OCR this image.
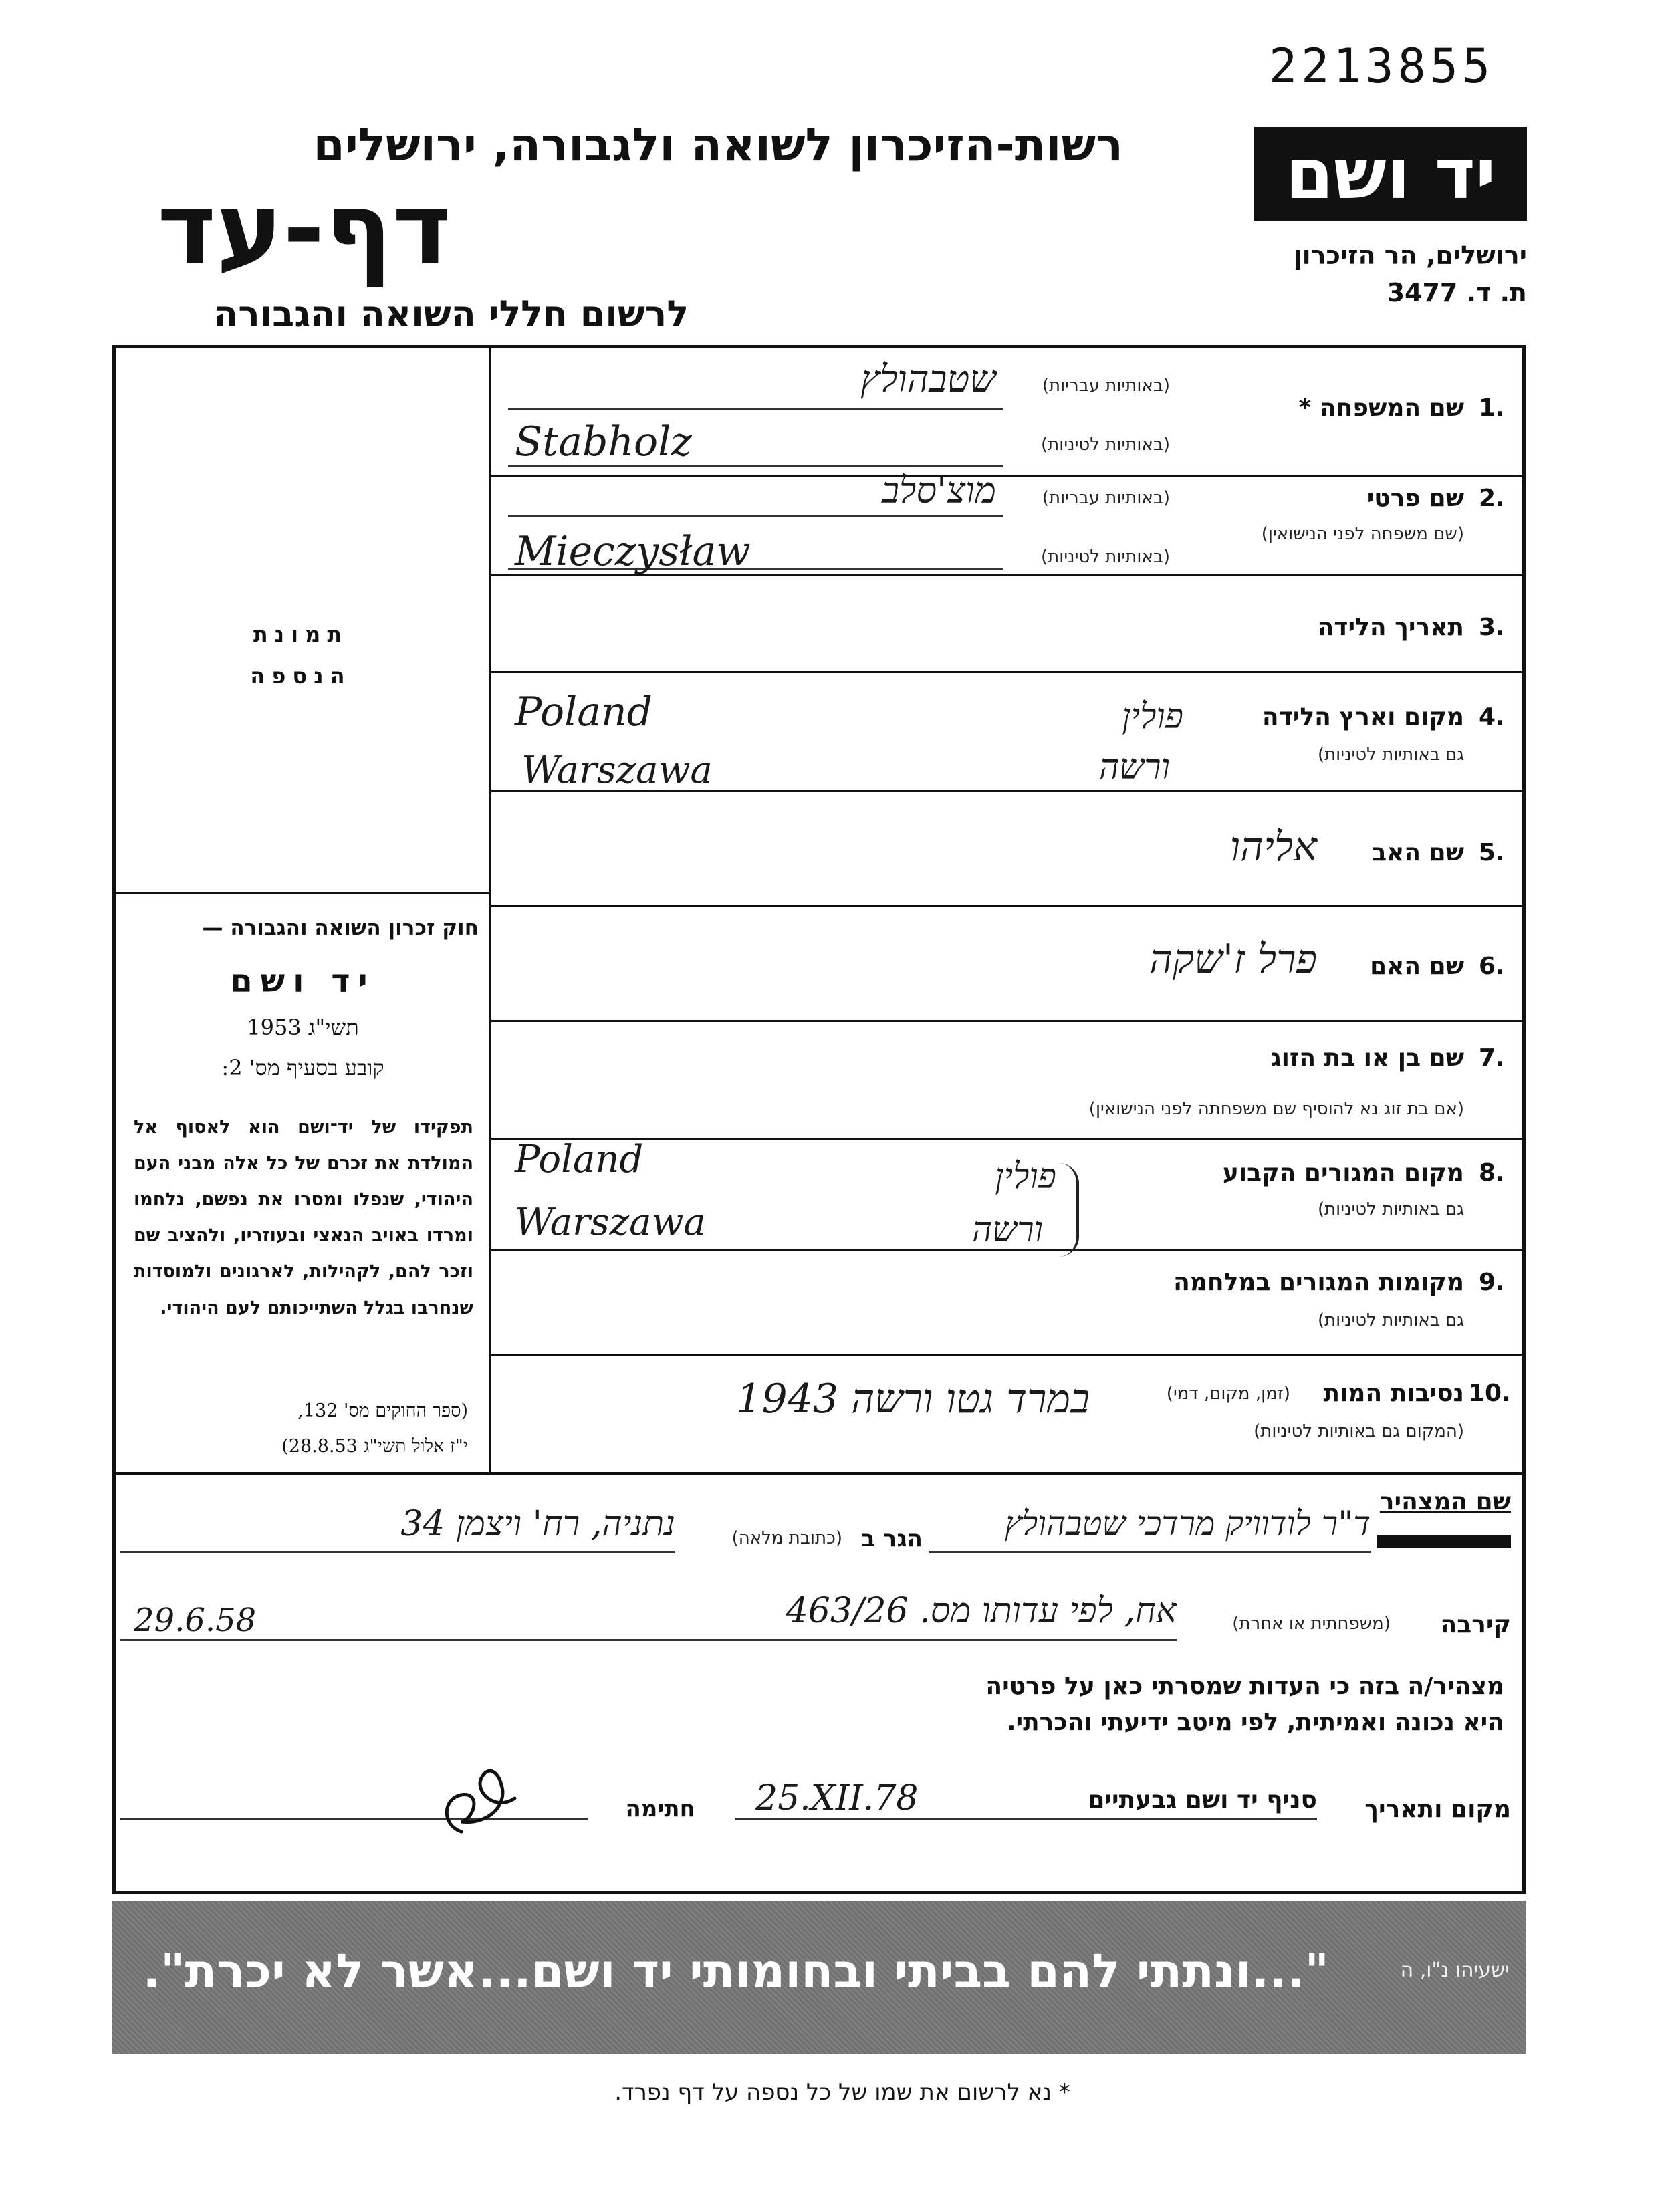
2213855
רשות-הזיכרון לשואה ולגבורה, ירושלים
דף-עד
לרשום חללי השואה והגבורה
יד ושם
ירושלים, הר הזיכרון
ת. ד. 3477
תמונת
הנספה
חוק זכרון השואה והגבורה —
יד ושם
תשי"ג 1953
קובע בסעיף מס' 2:
תפקידו של יד־ושם הוא לאסוף אל המולדת את זכרם של כל אלה מבני העם היהודי, שנפלו ומסרו את נפשם, נלחמו ומרדו באויב הנאצי ובעוזריו, ולהציב שם וזכר להם, לקהילות, לארגונים ולמוסדות שנחרבו בגלל השתייכותם לעם היהודי.
(ספר החוקים מס' 132,
י"ז אלול תשי"ג 28.8.53)
1.
שם המשפחה *
(באותיות עבריות)
שטבהולץ
(באותיות לטיניות)
Stabholz
2.
שם פרטי
(שם משפחה לפני הנישואין)
(באותיות עבריות)
מוצ'סלב
(באותיות לטיניות)
Mieczysław
3.
תאריך הלידה
4.
מקום וארץ הלידה
גם באותיות לטיניות)
Poland
Warszawa
פולין
ורשה
5.
שם האב
אליהו
6.
שם האם
פרל ז'שקה
7.
שם בן או בת הזוג
(אם בת זוג נא להוסיף שם משפחתה לפני הנישואין)
8.
מקום המגורים הקבוע
גם באותיות לטיניות)
Poland
Warszawa
פולין
ורשה
9.
מקומות המגורים במלחמה
גם באותיות לטיניות)
10.
נסיבות המות
(זמן, מקום, דמי)
(המקום גם באותיות לטיניות)
במרד גטו ורשה 1943
שם המצהיר
ד"ר לודוויק מרדכי שטבהולץ
הגר ב
(כתובת מלאה)
נתניה, רח' ויצמן 34
קירבה
(משפחתית או אחרת)
אח, לפי עדותו מס. 463/26
29.6.58
מצהיר/ה בזה כי העדות שמסרתי כאן על פרטיה
היא נכונה ואמיתית, לפי מיטב ידיעתי והכרתי.
מקום ותאריך
סניף יד ושם גבעתיים
25.XII.78
חתימה
"...ונתתי להם בביתי ובחומותי יד ושם...אשר לא יכרת".	ישעיהו נ"ו, ה
* נא לרשום את שמו של כל נספה על דף נפרד.
